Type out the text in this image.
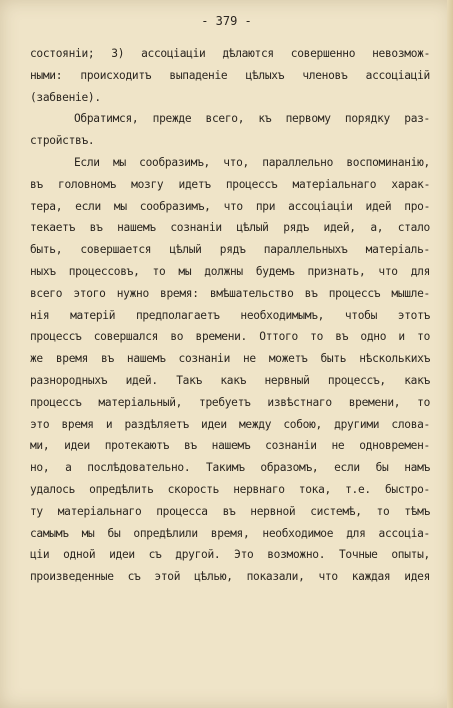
- 379 -
состоянiи; 3) ассоцiацiи дѣлаются совершенно невозмож-
ными: происходитъ выпаденiе цѣлыхъ членовъ ассоцiацiй
(забвенiе).
Обратимся, прежде всего, къ первому порядку раз-
стройствъ.
Если мы сообразимъ, что, параллельно воспоминанiю,
въ головномъ мозгу идетъ процессъ матерiальнаго харак-
тера, если мы сообразимъ, что при ассоцiацiи идей про-
текаетъ въ нашемъ сознанiи цѣлый рядъ идей, а, стало
быть, совершается цѣлый рядъ параллельныхъ матерiаль-
ныхъ процессовъ, то мы должны будемъ признать, что для
всего этого нужно время: вмѣшательство въ процессъ мышле-
нiя матерiй предполагаетъ необходимымъ, чтобы этотъ
процессъ совершался во времени. Оттого то въ одно и то
же время въ нашемъ сознанiи не можетъ быть нѣсколькихъ
разнородныхъ идей. Такъ какъ нервный процессъ, какъ
процессъ матерiальный, требуетъ извѣстнаго времени, то
это время и раздѣляетъ идеи между собою, другими слова-
ми, идеи протекаютъ въ нашемъ сознанiи не одновремен-
но, а послѣдовательно. Такимъ образомъ, если бы намъ
удалось опредѣлить скорость нервнаго тока, т.е. быстро-
ту матерiальнаго процесса въ нервной системѣ, то тѣмъ
самымъ мы бы опредѣлили время, необходимое для ассоцiа-
цiи одной идеи съ другой. Это возможно. Точные опыты,
произведенные съ этой цѣлью, показали, что каждая идея
